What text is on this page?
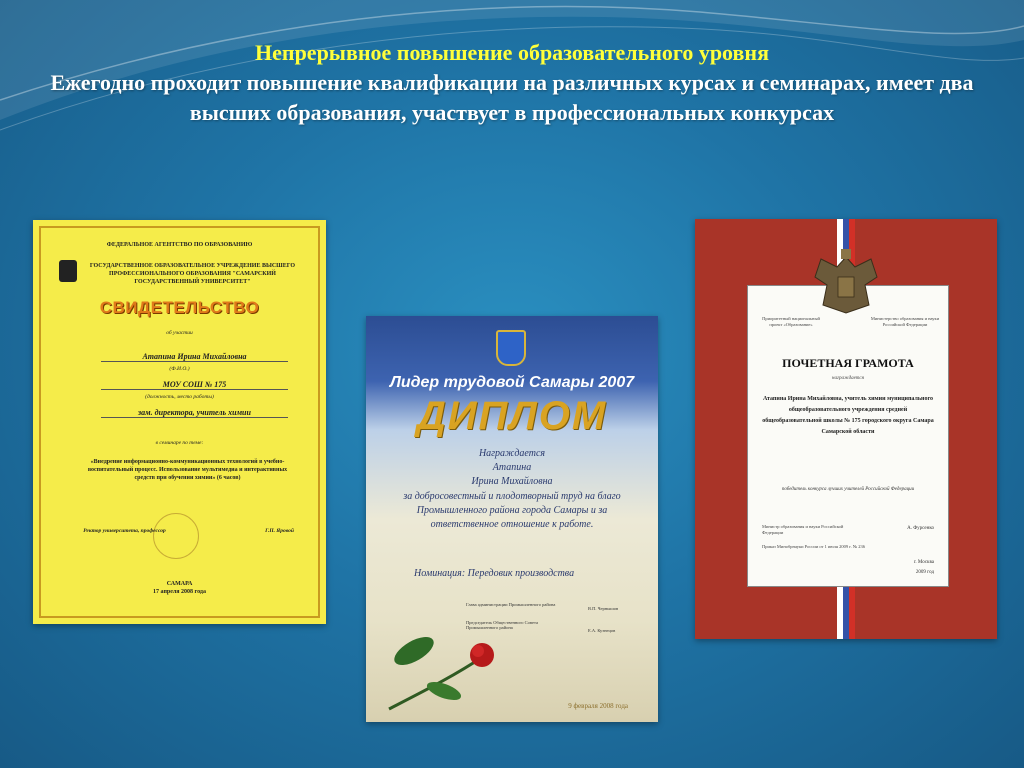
Непрерывное повышение образовательного уровня
Ежегодно проходит повышение квалификации на различных курсах и семинарах, имеет два высших образования, участвует в профессиональных конкурсах
ФЕДЕРАЛЬНОЕ АГЕНТСТВО ПО ОБРАЗОВАНИЮ
ГОСУДАРСТВЕННОЕ ОБРАЗОВАТЕЛЬНОЕ УЧРЕЖДЕНИЕ ВЫСШЕГО ПРОФЕССИОНАЛЬНОГО ОБРАЗОВАНИЯ "САМАРСКИЙ ГОСУДАРСТВЕННЫЙ УНИВЕРСИТЕТ"
СВИДЕТЕЛЬСТВО
об участии
Атапина Ирина Михайловна
(Ф.И.О.)
МОУ СОШ № 175
(должность, место работы)
зам. директора, учитель химии
в семинаре по теме:
«Внедрение информационно-коммуникационных технологий в учебно-воспитательный процесс. Использование мультимедиа и интерактивных средств при обучении химии» (6 часов)
Ректор университета, профессор	Г.П. Яровой
САМАРА
17 апреля 2008 года
Лидер трудовой Самары 2007
ДИПЛОМ
Награждается
Атапина
Ирина Михайловна
за добросовестный и плодотворный труд на благо Промышленного района города Самары и за ответственное отношение к работе.
Номинация: Передовик производства
Глава администрации Промышленного района
В.П. Чернышов
Председатель Общественного Совета Промышленного района
Е.А. Кузнецов
9 февраля 2008 года
Приоритетный национальный проект «Образование»
Министерство образования и науки Российской Федерации
ПОЧЕТНАЯ ГРАМОТА
награждается
Атапина Ирина Михайловна, учитель химии муниципального общеобразовательного учреждения средней общеобразовательной школы № 175 городского округа Самара Самарской области
победитель конкурса лучших учителей Российской Федерации
Министр образования и науки Российской Федерации
А. Фурсенко
Приказ Минобрнауки России от 1 июля 2009 г. № 236
г. Москва
2009 год
